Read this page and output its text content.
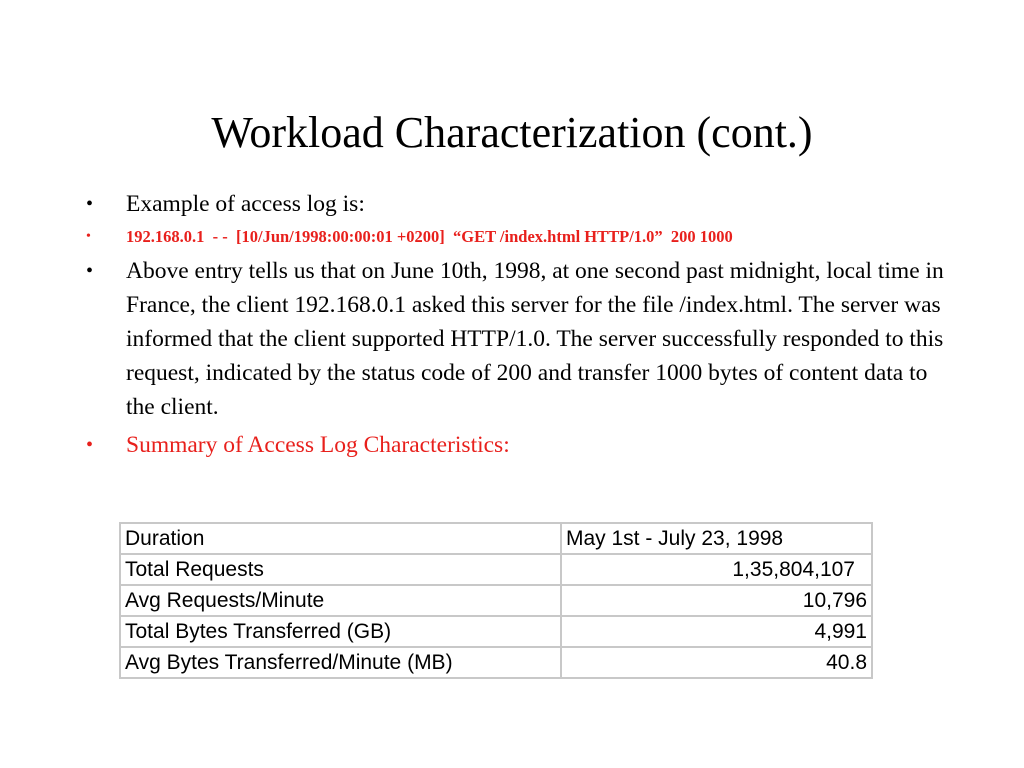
Workload Characterization (cont.)
• Example of access log is:
• 192.168.0.1  - -  [10/Jun/1998:00:00:01 +0200]  “GET /index.html HTTP/1.0”  200 1000
• Above entry tells us that on June 10th, 1998, at one second past midnight, local time in France, the client 192.168.0.1 asked this server for the file /index.html. The server was informed that the client supported HTTP/1.0. The server successfully responded to this request, indicated by the status code of 200 and transfer 1000 bytes of content data to the client.
• Summary of Access Log Characteristics:
Duration	May 1st - July 23, 1998
Total Requests	1,35,804,107
Avg Requests/Minute	10,796
Total Bytes Transferred (GB)	4,991
Avg Bytes Transferred/Minute (MB)	40.8
